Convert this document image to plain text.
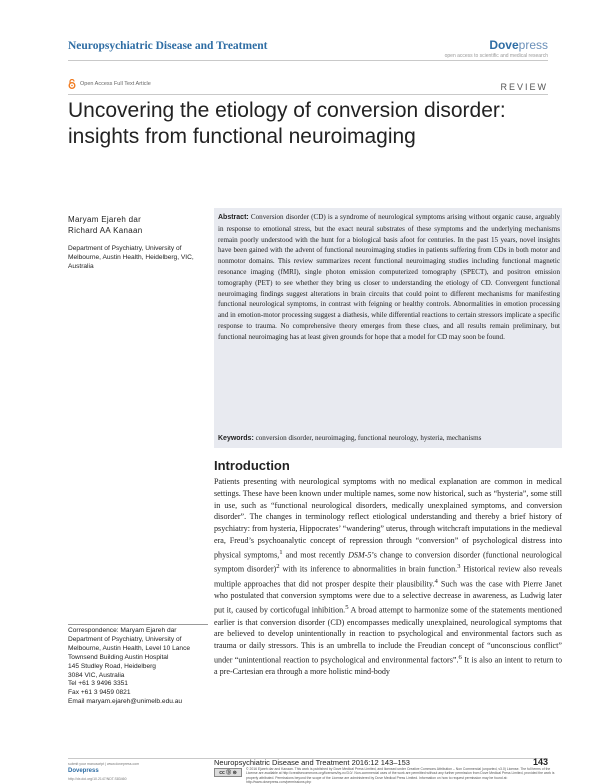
Neuropsychiatric Disease and Treatment	Dovepress
open access to scientific and medical research
Open Access Full Text Article	REVIEW
Uncovering the etiology of conversion disorder:
insights from functional neuroimaging
Maryam Ejareh dar
Richard AA Kanaan
Department of Psychiatry, University of Melbourne, Austin Health, Heidelberg, VIC, Australia
Abstract: Conversion disorder (CD) is a syndrome of neurological symptoms arising without organic cause, arguably in response to emotional stress, but the exact neural substrates of these symptoms and the underlying mechanisms remain poorly understood with the hunt for a biological basis afoot for centuries. In the past 15 years, novel insights have been gained with the advent of functional neuroimaging studies in patients suffering from CDs in both motor and nonmotor domains. This review summarizes recent functional neuroimaging studies including functional magnetic resonance imaging (fMRI), single photon emission computerized tomography (SPECT), and positron emission tomography (PET) to see whether they bring us closer to understanding the etiology of CD. Convergent functional neuroimaging findings suggest alterations in brain circuits that could point to different mechanisms for manifesting functional neurological symptoms, in contrast with feigning or healthy controls. Abnormalities in emotion processing and in emotion-motor processing suggest a diathesis, while differential reactions to certain stressors implicate a specific response to trauma. No comprehensive theory emerges from these clues, and all results remain preliminary, but functional neuroimaging has at least given grounds for hope that a model for CD may soon be found.
Keywords: conversion disorder, neuroimaging, functional neurology, hysteria, mechanisms
Introduction

Patients presenting with neurological symptoms with no medical explanation are common in medical settings. These have been known under multiple names, some now historical, such as “hysteria”, some still in use, such as “functional neurological disorders, medically unexplained symptoms, and conversion disorder”. The changes in terminology reflect etiological understanding and thereby a brief history of psychiatry: from hysteria, Hippocrates’ “wandering” uterus, through witchcraft imputations in the medieval era, Freud’s psychoanalytic concept of repression through “conversion” of psychological distress into physical symptoms,$^1$ and most recently DSM-5’s change to conversion disorder (functional neurological symptom disorder)$^2$ with its inference to abnormalities in brain function.$^3$ Historical review also reveals multiple approaches that did not prosper despite their plausibility.$^4$ Such was the case with Pierre Janet who postulated that conversion symptoms were due to a selective decrease in awareness, as Ludwig later put it, caused by corticofugal inhibition.$^5$ A broad attempt to harmonize some of the statements mentioned earlier is that conversion disorder (CD) encompasses medically unexplained, neurological symptoms that are believed to develop unintentionally in reaction to psychological and environmental factors such as trauma or daily stressors. This is an umbrella to include the Freudian concept of “unconscious conflict” under “unintentional reaction to psychological and environmental factors”.$^6$ It is also an intent to return to a pre-Cartesian era through a more holistic mind-body

Correspondence: Maryam Ejareh dar
Department of Psychiatry, University of
Melbourne, Austin Health, Level 10 Lance
Townsend Building Austin Hospital
145 Studley Road, Heidelberg
3084 VIC, Australia
Tel +61 3 9496 3351
Fax +61 3 9459 0821
Email maryam.ejareh@unimelb.edu.au
submit your manuscript | www.dovepress.com
Dovepress
http://dx.doi.org/10.2147/NDT.S83460
Neuropsychiatric Disease and Treatment 2016:12 143–153	143
cc Ⓑ ⊜
© 2016 Ejareh dar and Kanaan. This work is published by Dove Medical Press Limited, and licensed under Creative Commons Attribution – Non Commercial (unported, v3.0) License. The full terms of the License are available at http://creativecommons.org/licenses/by-nc/3.0/. Non-commercial uses of the work are permitted without any further permission from Dove Medical Press Limited, provided the work is properly attributed. Permissions beyond the scope of the License are administered by Dove Medical Press Limited. Information on how to request permission may be found at: http://www.dovepress.com/permissions.php
